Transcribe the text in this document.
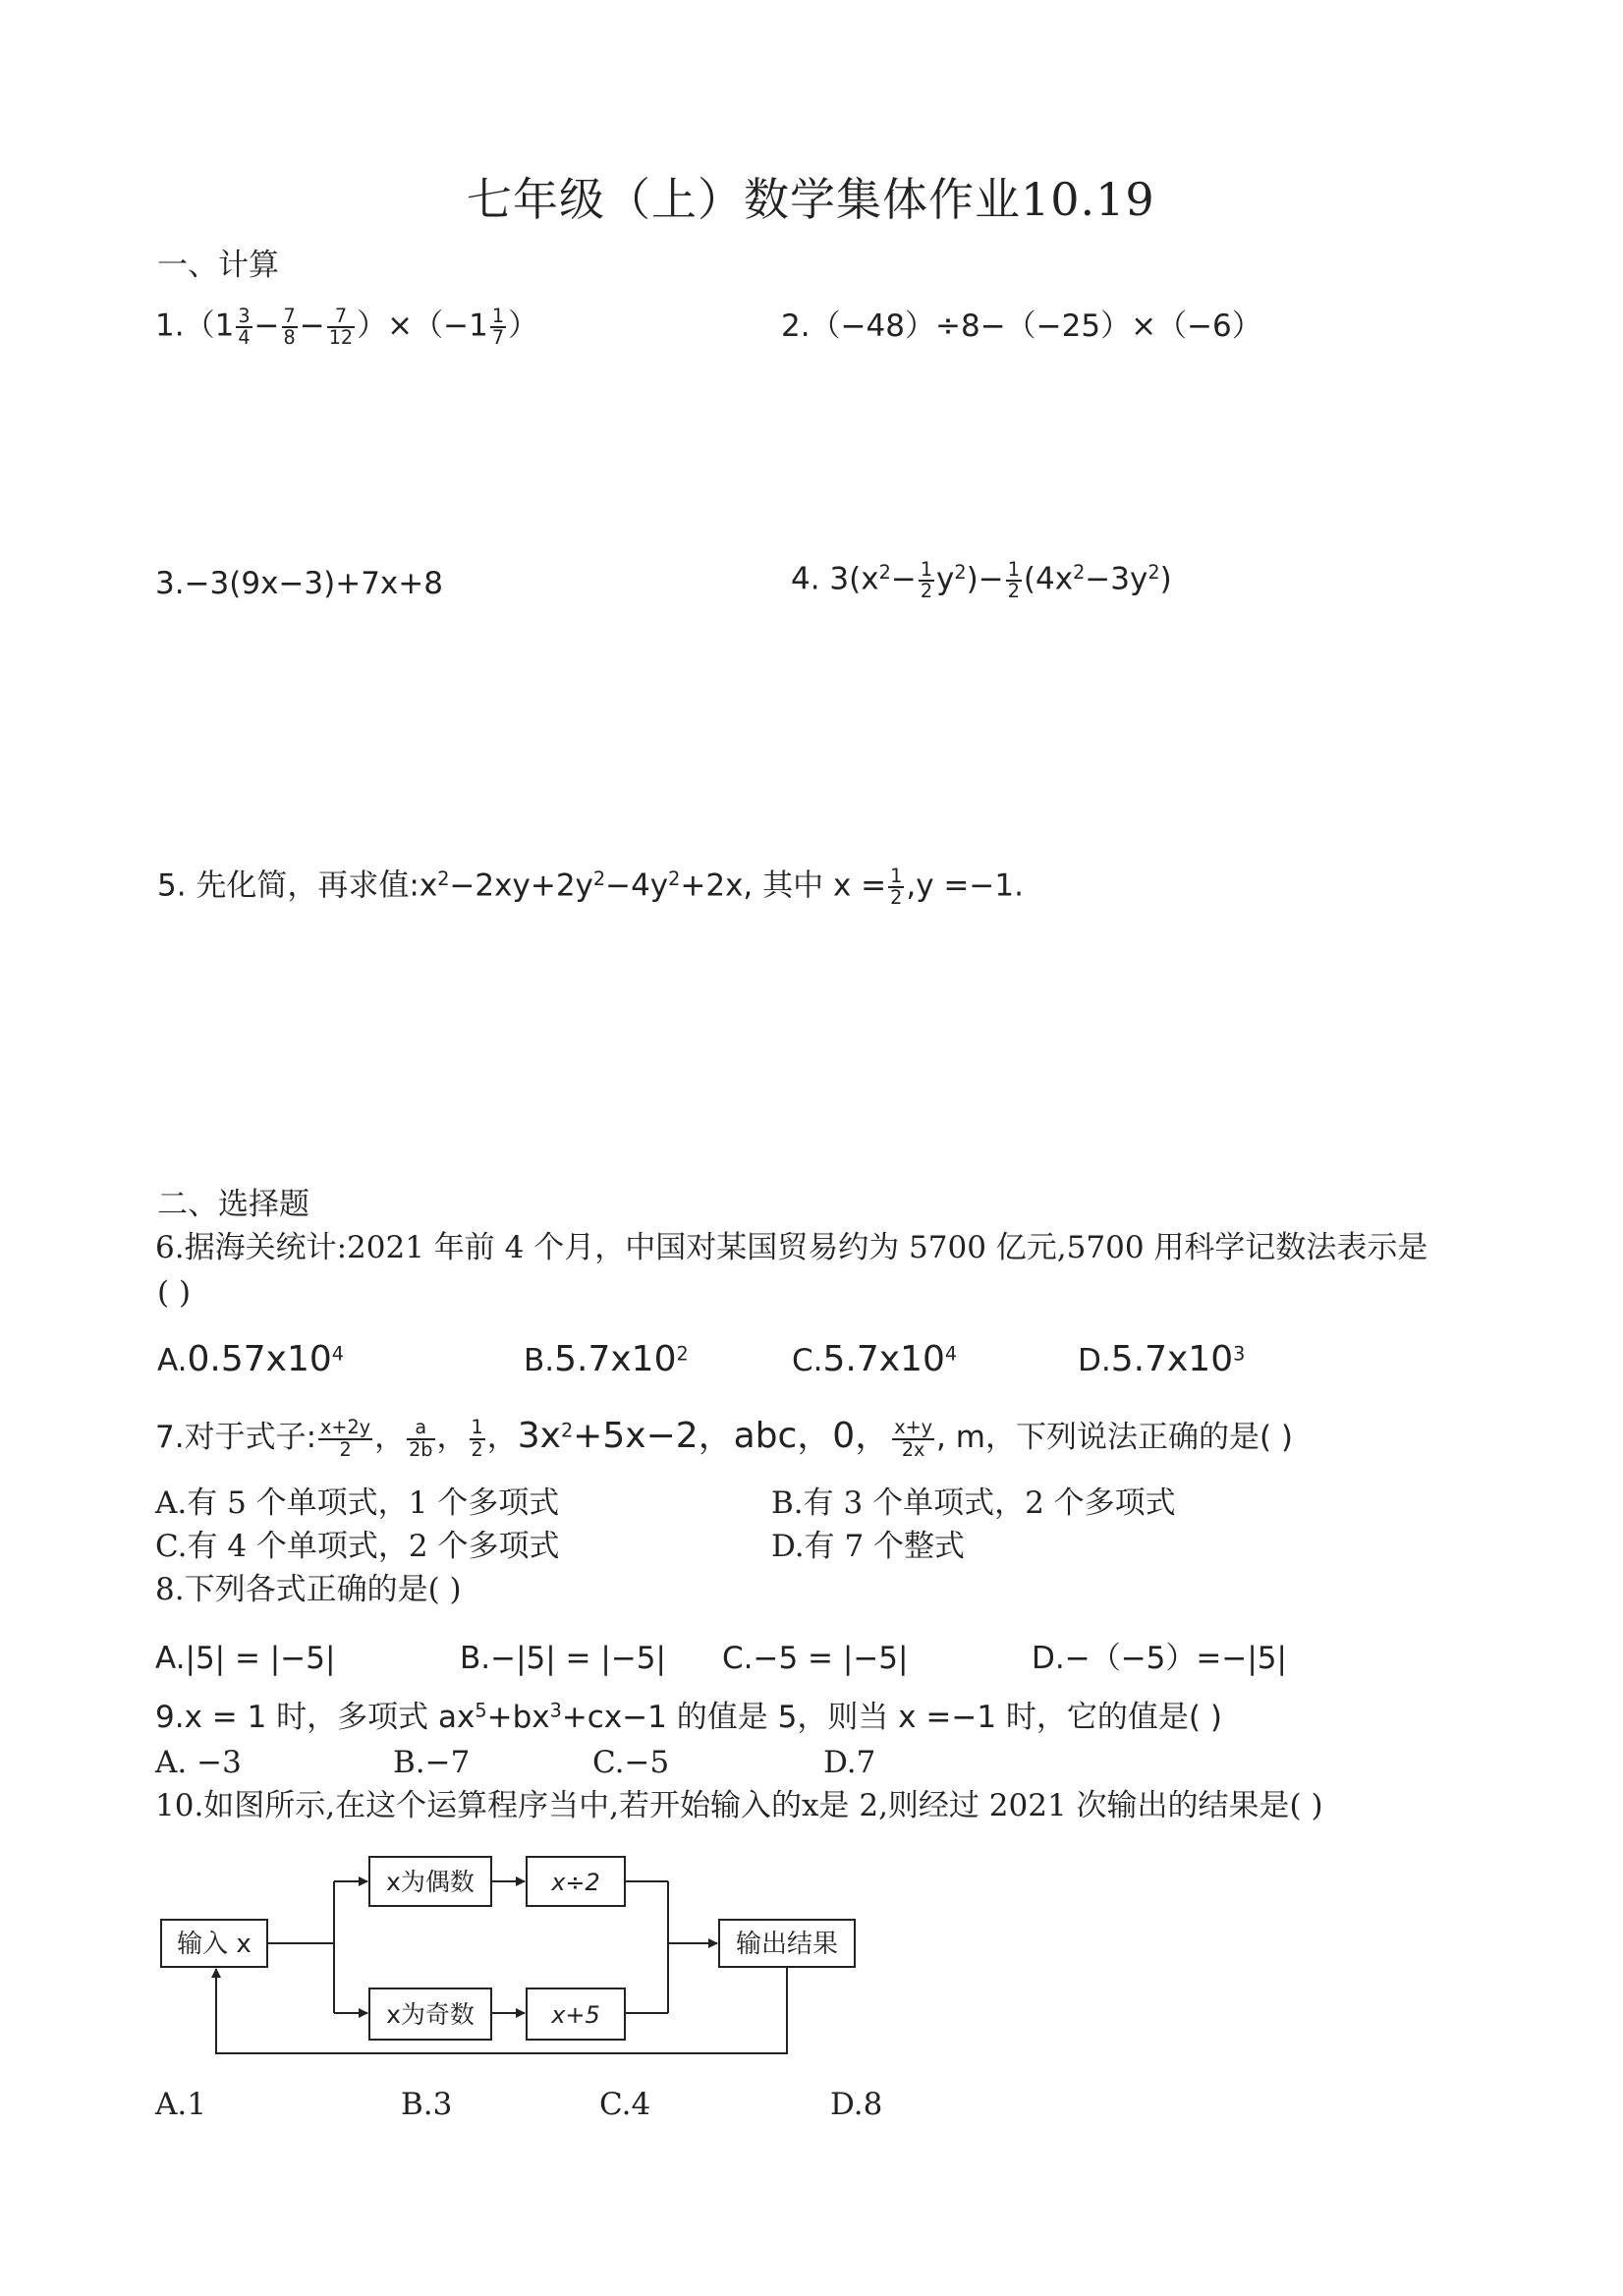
七年级（上）数学集体作业10.19
一、计算
$1.(1 \frac{3}{4} - \frac{7}{8} - \frac{7}{12} )\times(-1 \frac{1}{7}$ ）	2.（−48）÷8−（−25）×（−6）
3.−3(9x−3)+7x+8	4. $3(x^2- \frac{1}{2} y^2)- \frac{1}{2} (4x^2-3y^2)$
5. 先化简，再求值$:x^2-2xy+2y^2-4y^2+2x$, 其中 $x = \frac{1}{2} ,y =-1$.
二、选择题
6.据海关统计:2021 年前 4 个月，中国对某国贸易约为 5700 亿元,5700 用科学记数法表示是
( )
$A.0.57x10^4$	$B.5.7x10^2$	$C.5.7x10^4$	$D.5.7x10^3$
7.对于式子: $\frac{x+2y}{2}$ ， $\frac{a}{2b}$ ， $\frac{1}{2}$ ，$3x^2+5x-2$，abc，0， $\frac{x+y}{2x}$ , m，下列说法正确的是( )
A.有 5 个单项式，1 个多项式	B.有 3 个单项式，2 个多项式
C.有 4 个单项式，2 个多项式	D.有 7 个整式
8.下列各式正确的是( )
A.|5| = |−5|	B.−|5| = |−5| C.−5 = |−5|	D.−（−5）=−|5|
9.x = 1 时，多项式 $ax^5+bx^3+cx-1$ 的值是 5，则当 x =−1 时，它的值是( )
A. −3	B.−7	C.−5	D.7
10.如图所示,在这个运算程序当中,若开始输入的x是 2,则经过 2021 次输出的结果是( )
输入 x
x为偶数	x÷2
x为奇数	x+5
输出结果
A.1	B.3	C.4	D.8
